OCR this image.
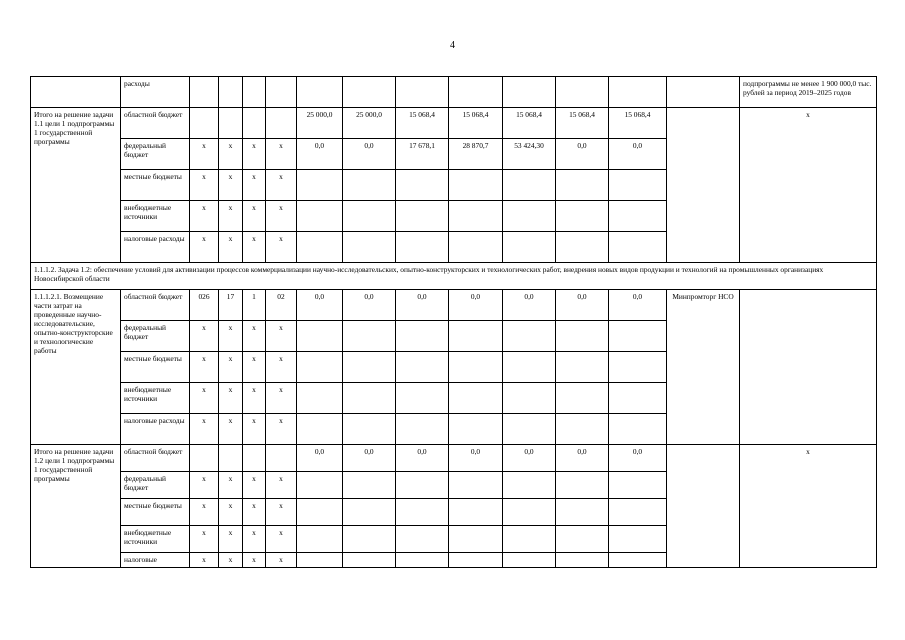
4
	расходы													подпрограммы не менее 1 900 000,0 тыс. рублей за период 2019–2025 годов
Итого на решение задачи 1.1 цели 1 подпрограммы 1 государственной программы	областной бюджет					25 000,0	25 000,0	15 068,4	15 068,4	15 068,4	15 068,4	15 068,4		x
	федеральный бюджет	x	x	x	x	0,0	0,0	17 678,1	28 870,7	53 424,30	0,0	0,0		
	местные бюджеты	x	x	x	x									
	внебюджетные источники	x	x	x	x									
	налоговые расходы	x	x	x	x									
1.1.1.2. Задача 1.2: обеспечение условий для активизации процессов коммерциализации научно-исследовательских, опытно-конструкторских и технологических работ, внедрения новых видов продукции и технологий на промышленных организациях Новосибирской области														
1.1.1.2.1. Возмещение части затрат на проведенные научно-исследовательские, опытно-конструкторские и технологические работы	областной бюджет	026	17	1	02	0,0	0,0	0,0	0,0	0,0	0,0	0,0	Минпромторг НСО	
	федеральный бюджет	x	x	x	x									
	местные бюджеты	x	x	x	x									
	внебюджетные источники	x	x	x	x									
	налоговые расходы	x	x	x	x									
Итого на решение задачи 1.2 цели 1 подпрограммы 1 государственной программы	областной бюджет					0,0	0,0	0,0	0,0	0,0	0,0	0,0		x
	федеральный бюджет	x	x	x	x									
	местные бюджеты	x	x	x	x									
	внебюджетные источники	x	x	x	x									
	налоговые	x	x	x	x									
